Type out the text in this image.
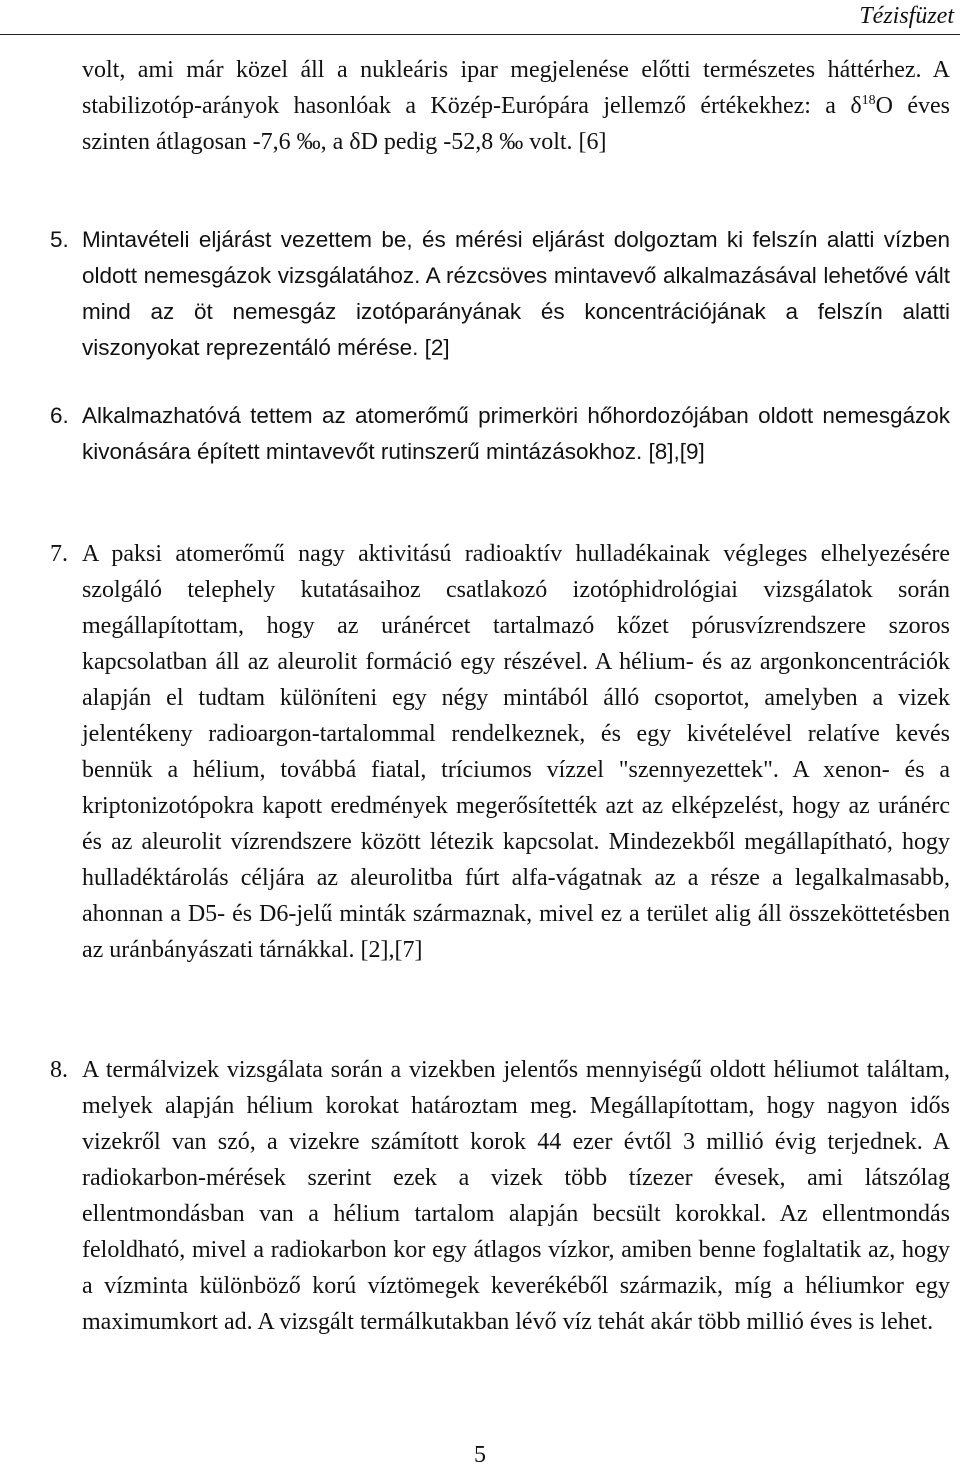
Tézisfüzet
volt, ami már közel áll a nukleáris ipar megjelenése előtti természetes háttérhez. A stabilizotóp-arányok hasonlóak a Közép-Európára jellemző értékekhez: a $\delta^{18}O$ éves szinten átlagosan -7,6 ‰, a δD pedig -52,8 ‰ volt. [6]
5. Mintavételi eljárást vezettem be, és mérési eljárást dolgoztam ki felszín alatti vízben oldott nemesgázok vizsgálatához. A rézcsöves mintavevő alkalmazásával lehetővé vált mind az öt nemesgáz izotóparányának és koncentrációjának a felszín alatti viszonyokat reprezentáló mérése. [2]
6. Alkalmazhatóvá tettem az atomerőmű primerköri hőhordozójában oldott nemesgázok kivonására épített mintavevőt rutinszerű mintázásokhoz. [8],[9]
7. A paksi atomerőmű nagy aktivitású radioaktív hulladékainak végleges elhelyezésére szolgáló telephely kutatásaihoz csatlakozó izotóphidrológiai vizsgálatok során megállapítottam, hogy az uránércet tartalmazó kőzet pórusvízrendszere szoros kapcsolatban áll az aleurolit formáció egy részével. A hélium- és az argonkoncentrációk alapján el tudtam különíteni egy négy mintából álló csoportot, amelyben a vizek jelentékeny radioargon-tartalommal rendelkeznek, és egy kivételével relatíve kevés bennük a hélium, továbbá fiatal, tríciumos vízzel "szennyezettek". A xenon- és a kriptonizotópokra kapott eredmények megerősítették azt az elképzelést, hogy az uránérc és az aleurolit vízrendszere között létezik kapcsolat. Mindezekből megállapítható, hogy hulladéktárolás céljára az aleurolitba fúrt alfa-vágatnak az a része a legalkalmasabb, ahonnan a D5- és D6-jelű minták származnak, mivel ez a terület alig áll összeköttetésben az uránbányászati tárnákkal. [2],[7]
8. A termálvizek vizsgálata során a vizekben jelentős mennyiségű oldott héliumot találtam, melyek alapján hélium korokat határoztam meg. Megállapítottam, hogy nagyon idős vizekről van szó, a vizekre számított korok 44 ezer évtől 3 millió évig terjednek. A radiokarbon-mérések szerint ezek a vizek több tízezer évesek, ami látszólag ellentmondásban van a hélium tartalom alapján becsült korokkal. Az ellentmondás feloldható, mivel a radiokarbon kor egy átlagos vízkor, amiben benne foglaltatik az, hogy a vízminta különböző korú víztömegek keverékéből származik, míg a héliumkor egy maximumkort ad. A vizsgált termálkutakban lévő víz tehát akár több millió éves is lehet.
5
